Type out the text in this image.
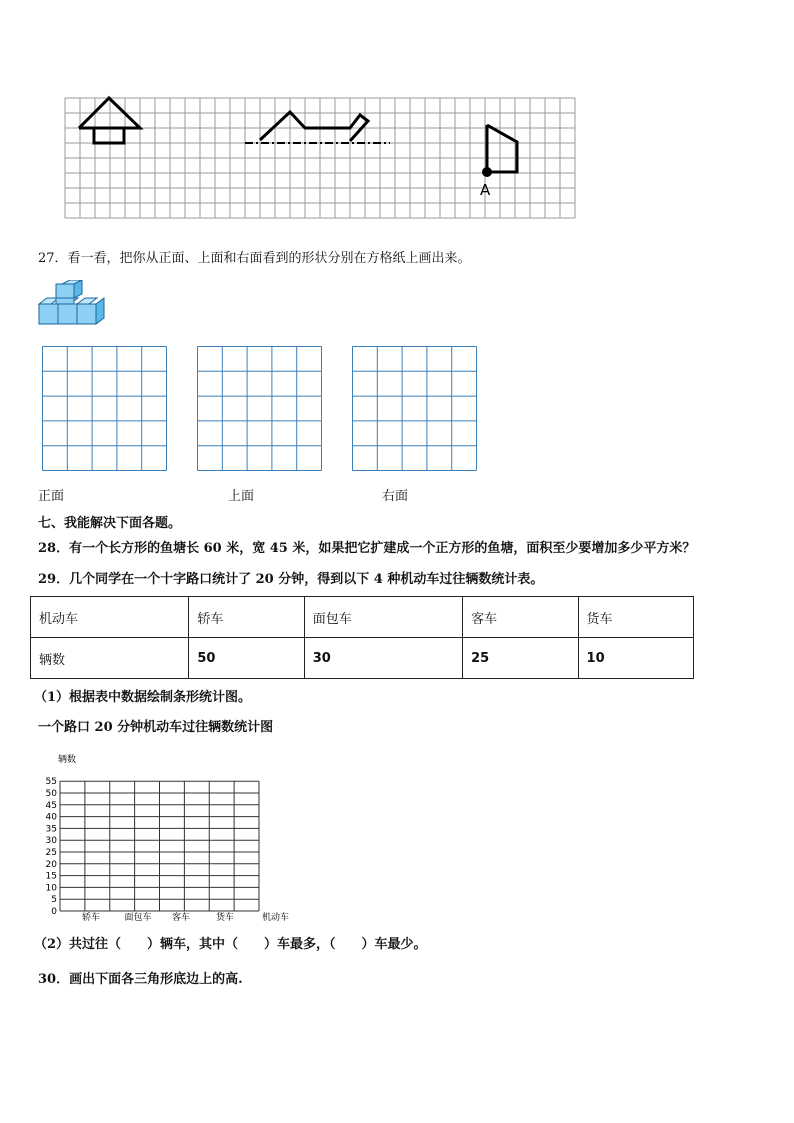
A
27．看一看，把你从正面、上面和右面看到的形状分别在方格纸上画出来。
正面	上面	右面
七、我能解决下面各题。
28．有一个长方形的鱼塘长 60 米，宽 45 米，如果把它扩建成一个正方形的鱼塘，面积至少要增加多少平方米？
29．几个同学在一个十字路口统计了 20 分钟，得到以下 4 种机动车过往辆数统计表。
机动车	轿车	面包车	客车	货车
辆数	50	30	25	10
（1）根据表中数据绘制条形统计图。
一个路口 20 分钟机动车过往辆数统计图
辆数
0
5
10
15
20
25
30
35
40
45
50
55
轿车	面包车 客车	货车	机动车
（2）共过往（　　）辆车，其中（　　）车最多，（　　）车最少。
30．画出下面各三角形底边上的高.
